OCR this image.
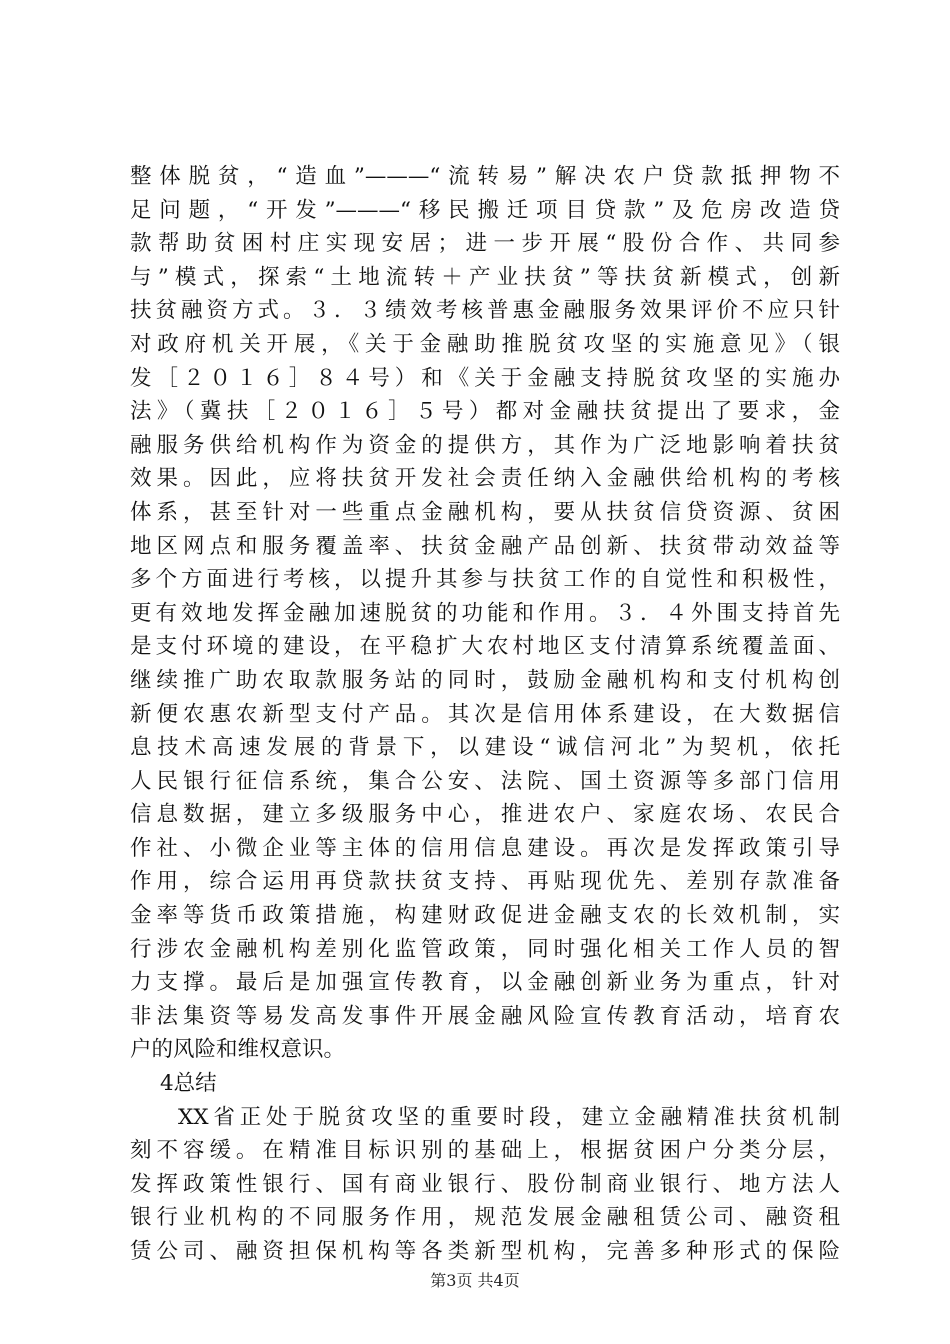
整体脱贫，“造血”———“流转易”解决农户贷款抵押物不
足问题，“开发”———“移民搬迁项目贷款”及危房改造贷
款帮助贫困村庄实现安居；进一步开展“股份合作、共同参
与”模式，探索“土地流转＋产业扶贫”等扶贫新模式，创新
扶贫融资方式。３．３绩效考核普惠金融服务效果评价不应只针
对政府机关开展，《关于金融助推脱贫攻坚的实施意见》（银
发［２０１６］８４号）和《关于金融支持脱贫攻坚的实施办
法》（冀扶［２０１６］５号）都对金融扶贫提出了要求，金
融服务供给机构作为资金的提供方，其作为广泛地影响着扶贫
效果。因此，应将扶贫开发社会责任纳入金融供给机构的考核
体系，甚至针对一些重点金融机构，要从扶贫信贷资源、贫困
地区网点和服务覆盖率、扶贫金融产品创新、扶贫带动效益等
多个方面进行考核，以提升其参与扶贫工作的自觉性和积极性，
更有效地发挥金融加速脱贫的功能和作用。３．４外围支持首先
是支付环境的建设，在平稳扩大农村地区支付清算系统覆盖面、
继续推广助农取款服务站的同时，鼓励金融机构和支付机构创
新便农惠农新型支付产品。其次是信用体系建设，在大数据信
息技术高速发展的背景下，以建设“诚信河北”为契机，依托
人民银行征信系统，集合公安、法院、国土资源等多部门信用
信息数据，建立多级服务中心，推进农户、家庭农场、农民合
作社、小微企业等主体的信用信息建设。再次是发挥政策引导
作用，综合运用再贷款扶贫支持、再贴现优先、差别存款准备
金率等货币政策措施，构建财政促进金融支农的长效机制，实
行涉农金融机构差别化监管政策，同时强化相关工作人员的智
力支撑。最后是加强宣传教育，以金融创新业务为重点，针对
非法集资等易发高发事件开展金融风险宣传教育活动，培育农
户的风险和维权意识。
4总结
XX省正处于脱贫攻坚的重要时段，建立金融精准扶贫机制
刻不容缓。在精准目标识别的基础上，根据贫困户分类分层，
发挥政策性银行、国有商业银行、股份制商业银行、地方法人
银行业机构的不同服务作用，规范发展金融租赁公司、融资租
赁公司、融资担保机构等各类新型机构，完善多种形式的保险
第3页 共4页
